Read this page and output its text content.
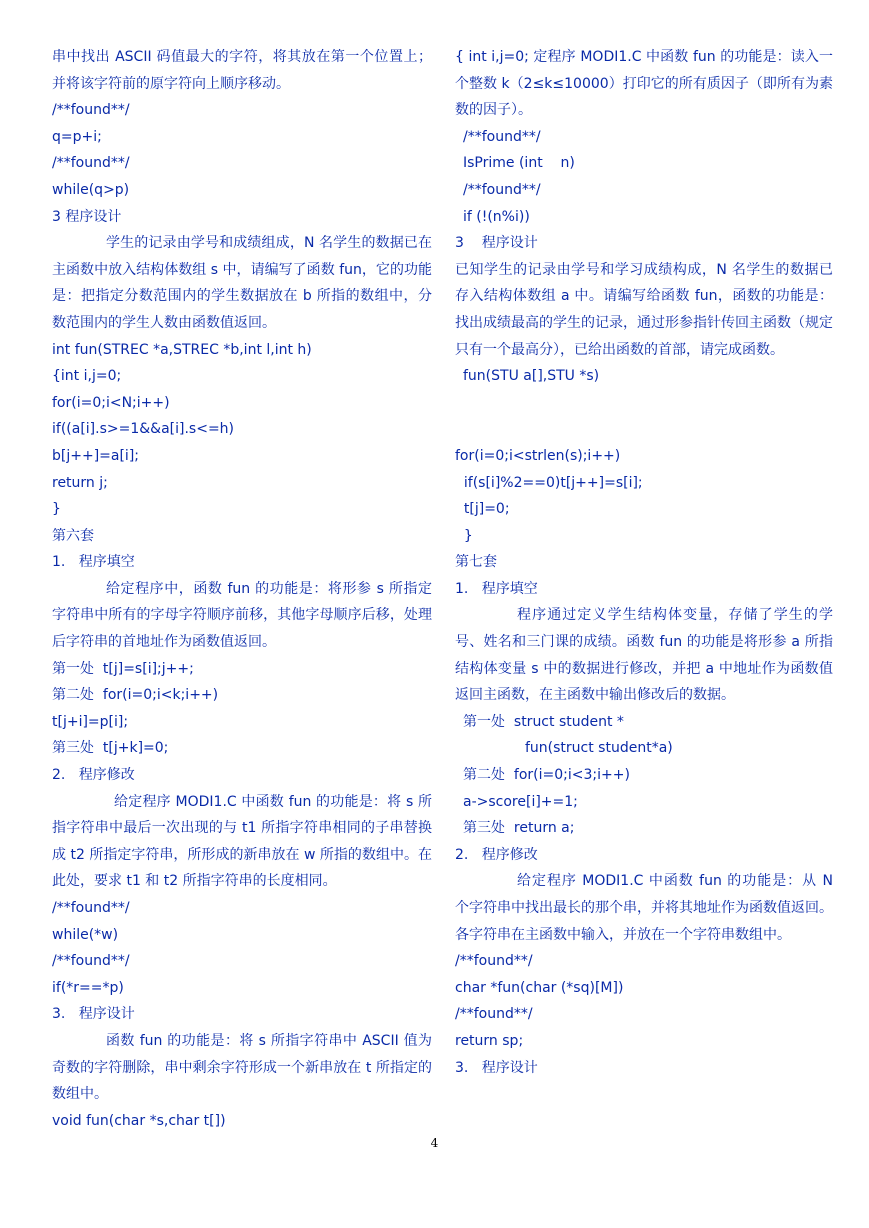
串中找出 ASCII 码值最大的字符，将其放在第一个位置上；并将该字符前的原字符向上顺序移动。
/**found**/
q=p+i;
/**found**/
while(q>p)
3 程序设计
学生的记录由学号和成绩组成，N 名学生的数据已在主函数中放入结构体数组 s 中，请编写了函数 fun，它的功能是：把指定分数范围内的学生数据放在 b 所指的数组中，分数范围内的学生人数由函数值返回。
int fun(STREC *a,STREC *b,int l,int h)
{int i,j=0;
for(i=0;i<N;i++)
if((a[i].s>=1&&a[i].s<=h)
b[j++]=a[i];
return j;
}
第六套
1.   程序填空
给定程序中，函数 fun 的功能是：将形参 s 所指定字符串中所有的字母字符顺序前移，其他字母顺序后移，处理后字符串的首地址作为函数值返回。
第一处  t[j]=s[i];j++;
第二处  for(i=0;i<k;i++)
t[j+i]=p[i];
第三处  t[j+k]=0;
2.   程序修改
给定程序 MODI1.C 中函数 fun 的功能是：将 s 所指字符串中最后一次出现的与 t1 所指字符串相同的子串替换成 t2 所指定字符串，所形成的新串放在 w 所指的数组中。在此处，要求 t1 和 t2 所指字符串的长度相同。
/**found**/
while(*w)
/**found**/
if(*r==*p)
3.   程序设计
函数 fun 的功能是：将 s 所指字符串中 ASCII 值为奇数的字符删除，串中剩余字符形成一个新串放在 t 所指定的数组中。
void fun(char *s,char t[])
{ int i,j=0; 定程序 MODI1.C 中函数 fun 的功能是：读入一个整数 k（2≤k≤10000）打印它的所有质因子（即所有为素数的因子）。
/**found**/
IsPrime (int    n)
/**found**/
if (!(n%i))
3    程序设计
已知学生的记录由学号和学习成绩构成，N 名学生的数据已存入结构体数组 a 中。请编写给函数 fun，函数的功能是：找出成绩最高的学生的记录，通过形参指针传回主函数（规定只有一个最高分），已给出函数的首部，请完成函数。
fun(STU a[],STU *s)
for(i=0;i<strlen(s);i++)
if(s[i]%2==0)t[j++]=s[i];
t[j]=0;
}
第七套
1.   程序填空
程序通过定义学生结构体变量，存储了学生的学号、姓名和三门课的成绩。函数 fun 的功能是将形参 a 所指结构体变量 s 中的数据进行修改，并把 a 中地址作为函数值返回主函数，在主函数中输出修改后的数据。
第一处  struct student *
fun(struct student*a)
第二处  for(i=0;i<3;i++)
a->score[i]+=1;
第三处  return a;
2.   程序修改
给定程序 MODI1.C 中函数 fun 的功能是：从 N 个字符串中找出最长的那个串，并将其地址作为函数值返回。各字符串在主函数中输入，并放在一个字符串数组中。
/**found**/
char *fun(char (*sq)[M])
/**found**/
return sp;
3.   程序设计
4
